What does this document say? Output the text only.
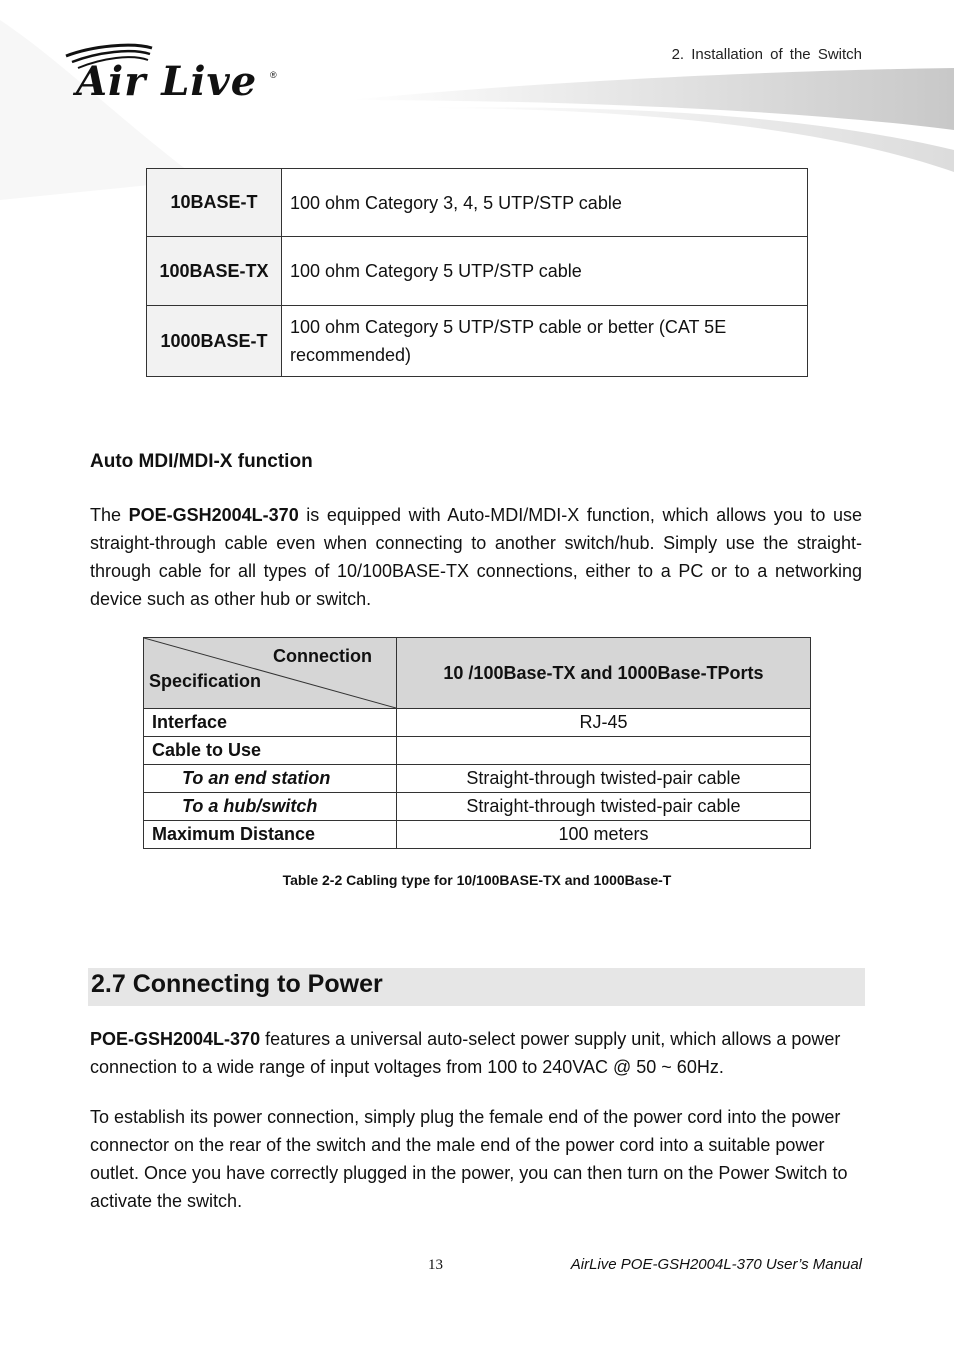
Air Live ®
2. Installation of the Switch
10BASE-T	100 ohm Category 3, 4, 5 UTP/STP cable
100BASE-TX	100 ohm Category 5 UTP/STP cable
1000BASE-T	100 ohm Category 5 UTP/STP cable or better (CAT 5E recommended)
Auto MDI/MDI-X function
The POE-GSH2004L-370 is equipped with Auto-MDI/MDI-X function, which allows you to use straight-through cable even when connecting to another switch/hub. Simply use the straight-through cable for all types of 10/100BASE-TX connections, either to a PC or to a networking device such as other hub or switch.
Connection
Specification	10 /100Base-TX and 1000Base-TPorts
Interface	RJ-45
Cable to Use	
To an end station	Straight-through twisted-pair cable
To a hub/switch	Straight-through twisted-pair cable
Maximum Distance	100 meters
Table 2-2 Cabling type for 10/100BASE-TX and 1000Base-T
2.7 Connecting to Power
POE-GSH2004L-370 features a universal auto-select power supply unit, which allows a power connection to a wide range of input voltages from 100 to 240VAC @ 50 ~ 60Hz.
To establish its power connection, simply plug the female end of the power cord into the power connector on the rear of the switch and the male end of the power cord into a suitable power outlet. Once you have correctly plugged in the power, you can then turn on the Power Switch to activate the switch.
13	AirLive POE-GSH2004L-370 User’s Manual
